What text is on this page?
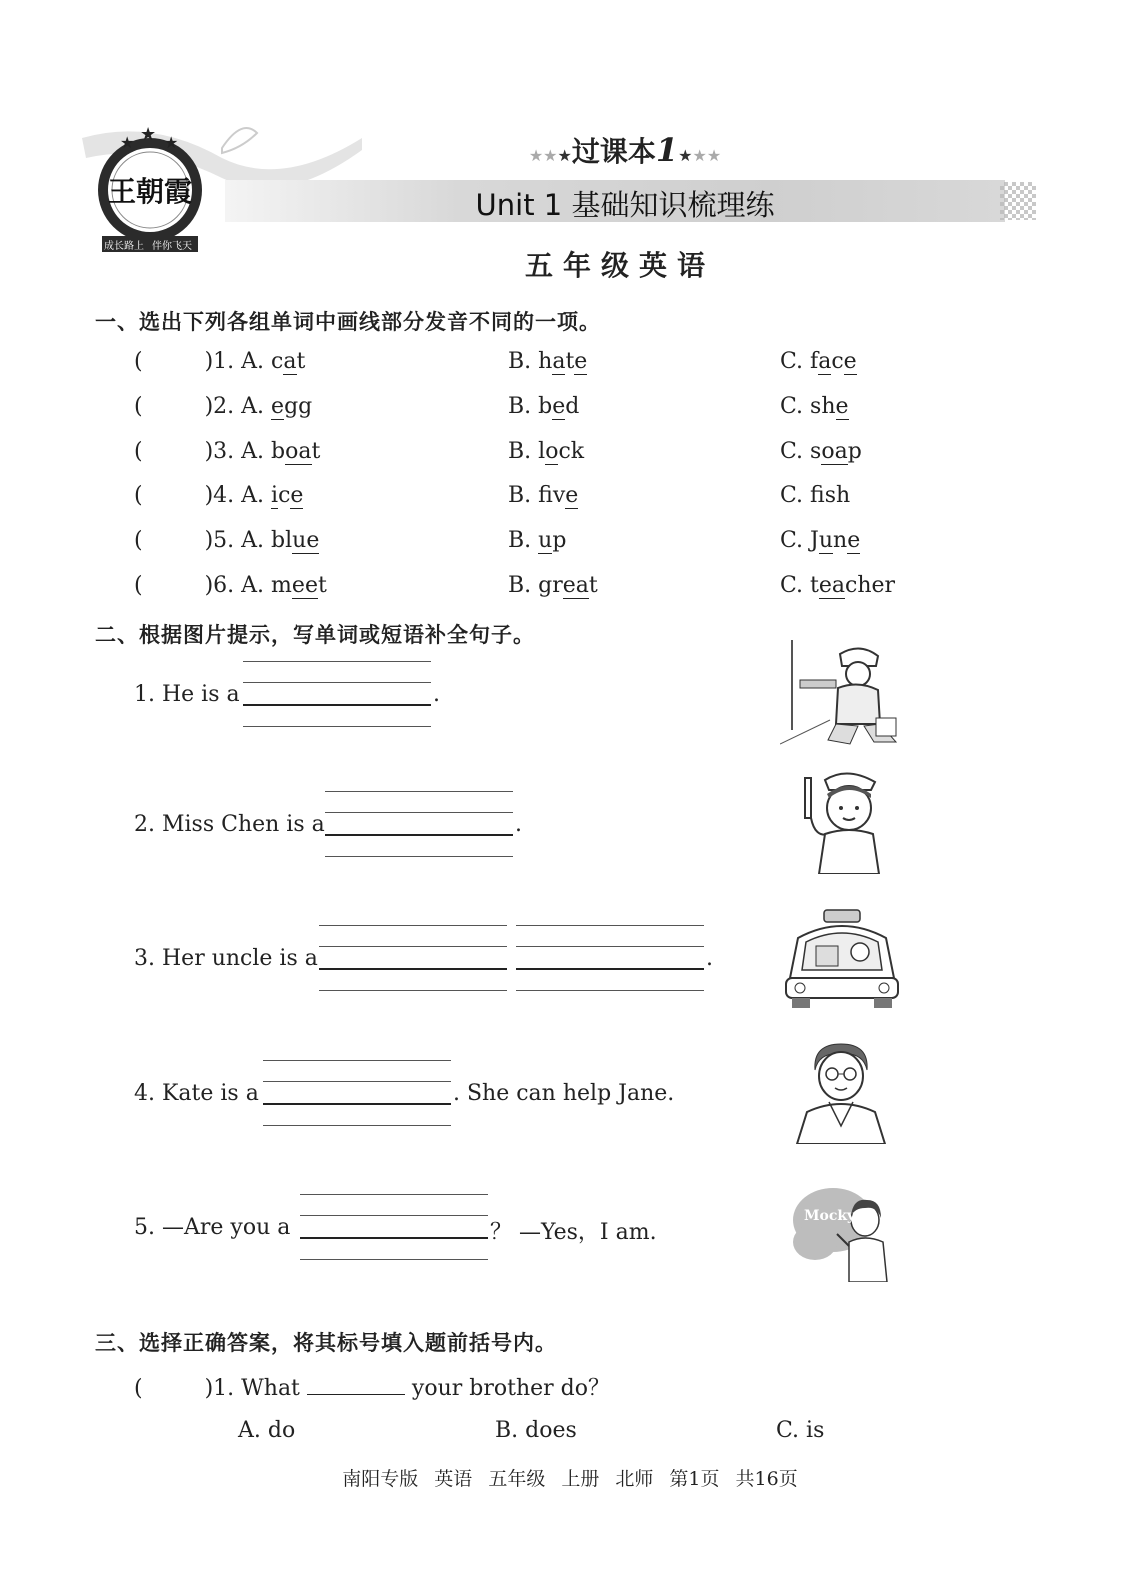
★ ★ ★
王朝霞
成长路上 伴你飞天
★★★过课本1★★★
Unit 1 基础知识梳理练
五年级英语
一、选出下列各组单词中画线部分发音不同的一项。
(	)1. A. cat	B. hate	C. face
(	)2. A. egg	B. bed	C. she
(	)3. A. boat	B. lock	C. soap
(	)4. A. ice	B. fve	C. fsh
(	)5. A. blue	B. up	C. June
(	)6. A. meet	B. great	C. teacher
二、根据图片提示，写单词或短语补全句子。
1. He is a	.
2. Miss Chen is a	.
3. Her uncle is a	.
4. Kate is a	. She can help Jane.
5. —Are you a	？ —Yes，I am.
Mocky
三、选择正确答案，将其标号填入题前括号内。
(	)1. What	your brother do？
A. do	B. does	C. is
南阳专版 英语 五年级 上册 北师 第1页 共16页
